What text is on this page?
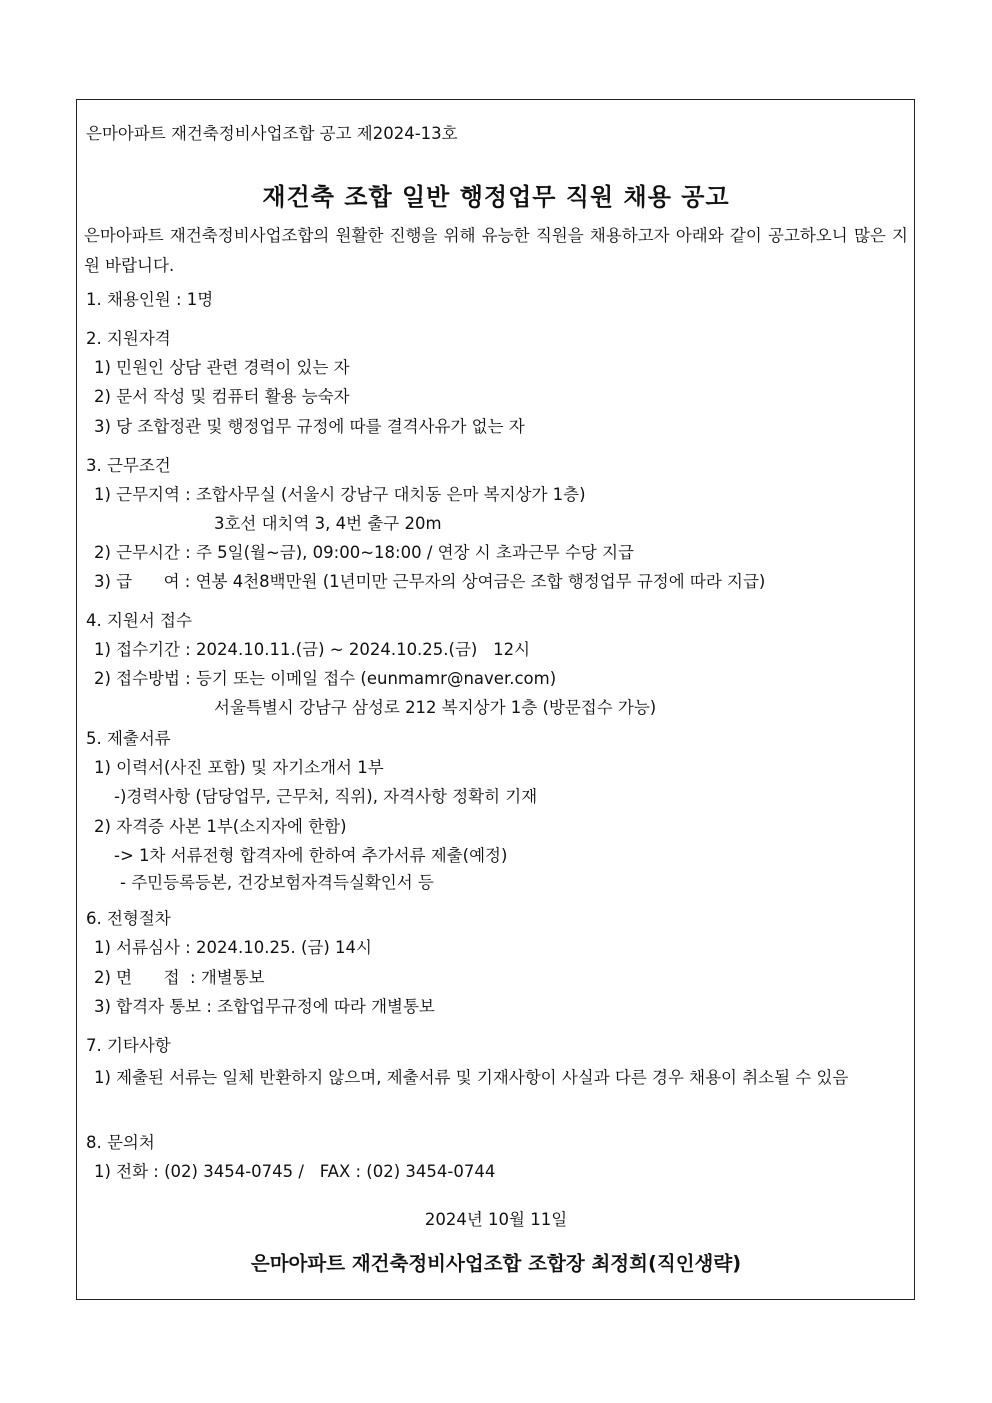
은마아파트 재건축정비사업조합 공고 제2024-13호
재건축 조합 일반 행정업무 직원 채용 공고
은마아파트 재건축정비사업조합의 원활한 진행을 위해 유능한 직원을 채용하고자 아래와 같이 공고하오니 많은 지원 바랍니다.
1. 채용인원 : 1명
2. 지원자격
1) 민원인 상담 관련 경력이 있는 자
2) 문서 작성 및 컴퓨터 활용 능숙자
3) 당 조합정관 및 행정업무 규정에 따를 결격사유가 없는 자
3. 근무조건
1) 근무지역 : 조합사무실 (서울시 강남구 대치동 은마 복지상가 1층)
3호선 대치역 3, 4번 출구 20m
2) 근무시간 : 주 5일(월~금), 09:00~18:00 / 연장 시 초과근무 수당 지급
3) 급      여 : 연봉 4천8백만원 (1년미만 근무자의 상여금은 조합 행정업무 규정에 따라 지급)
4. 지원서 접수
1) 접수기간 : 2024.10.11.(금) ~ 2024.10.25.(금)   12시
2) 접수방법 : 등기 또는 이메일 접수 (eunmamr@naver.com)
서울특별시 강남구 삼성로 212 복지상가 1층 (방문접수 가능)
5. 제출서류
1) 이력서(사진 포함) 및 자기소개서 1부
-)경력사항 (담당업무, 근무처, 직위), 자격사항 정확히 기재
2) 자격증 사본 1부(소지자에 한함)
-> 1차 서류전형 합격자에 한하여 추가서류 제출(예정)
- 주민등록등본, 건강보험자격득실확인서 등
6. 전형절차
1) 서류심사 : 2024.10.25. (금) 14시
2) 면      접  : 개별통보
3) 합격자 통보 : 조합업무규정에 따라 개별통보
7. 기타사항
1) 제출된 서류는 일체 반환하지 않으며, 제출서류 및 기재사항이 사실과 다른 경우 채용이 취소될 수 있음
8. 문의처
1) 전화 : (02) 3454-0745 /   FAX : (02) 3454-0744
2024년 10월 11일
은마아파트 재건축정비사업조합 조합장 최정희(직인생략)
